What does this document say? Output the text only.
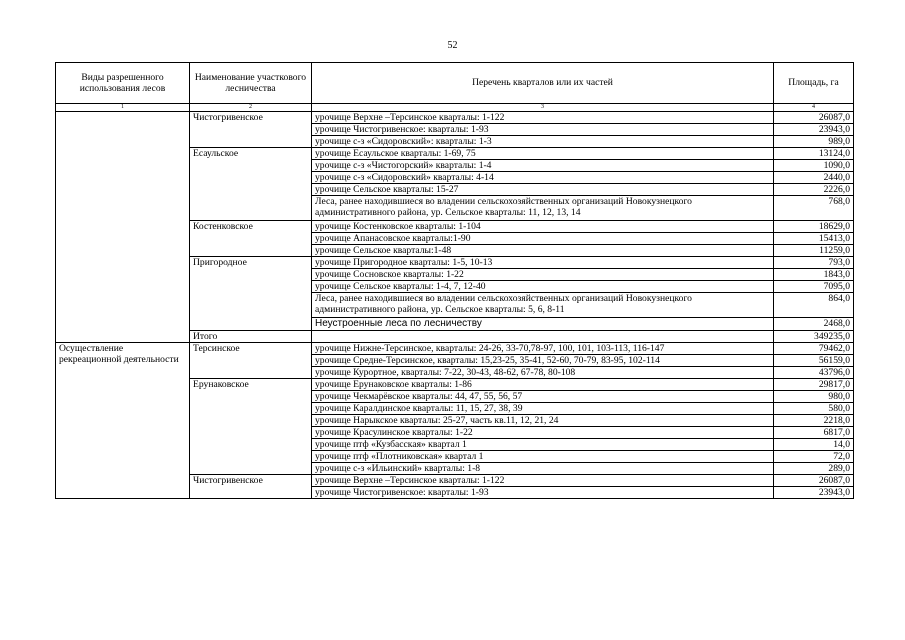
52
Виды разрешенного использования лесов	Наименование участкового лесничества	Перечень кварталов или их частей	Площадь, га
1	2	3	4
	Чистогривенское	урочище Верхне –Терсинское кварталы: 1-122	26087,0
		урочище Чистогривенское: кварталы: 1-93	23943,0
		урочище с-з «Сидоровский»: кварталы: 1-3	989,0
	Есаульское	урочище Есаульское кварталы: 1-69, 75	13124,0
		урочище с-з «Чистогорский» кварталы: 1-4	1090,0
		урочище с-з «Сидоровский» кварталы: 4-14	2440,0
		урочище Сельское кварталы: 15-27	2226,0
		Леса, ранее находившиеся во владении сельскохозяйственных организаций Новокузнецкого административного района, ур. Сельское кварталы: 11, 12, 13, 14	768,0
	Костенковское	урочище Костенковское кварталы: 1-104	18629,0
		урочище Апанасовское кварталы:1-90	15413,0
		урочище Сельское кварталы:1-48	11259,0
	Пригородное	урочище Пригородное кварталы: 1-5, 10-13	793,0
		урочище Сосновское кварталы: 1-22	1843,0
		урочище Сельское кварталы: 1-4, 7, 12-40	7095,0
		Леса, ранее находившиеся во владении сельскохозяйственных организаций Новокузнецкого административного района, ур. Сельское кварталы: 5, 6, 8-11	864,0
		Неустроенные леса по лесничеству	2468,0
	Итого		349235,0
Осуществление рекреационной деятельности	Терсинское	урочище Нижне-Терсинское, кварталы: 24-26, 33-70,78-97, 100, 101, 103-113, 116-147	79462,0
		урочище Средне-Терсинское, кварталы: 15,23-25, 35-41, 52-60, 70-79, 83-95, 102-114	56159,0
		урочище Курортное, кварталы: 7-22, 30-43, 48-62, 67-78, 80-108	43796,0
	Ерунаковское	урочище Ерунаковское кварталы: 1-86	29817,0
		урочище Чекмарёвское кварталы: 44, 47, 55, 56, 57	980,0
		урочище Каралдинское кварталы: 11, 15, 27, 38, 39	580,0
		урочище Нарыкское кварталы: 25-27, часть кв.11, 12, 21, 24	2218,0
		урочище Красулинское кварталы: 1-22	6817,0
		урочище птф «Кузбасская» квартал 1	14,0
		урочище птф «Плотниковская» квартал 1	72,0
		урочище с-з «Ильинский» кварталы: 1-8	289,0
	Чистогривенское	урочище Верхне –Терсинское кварталы: 1-122	26087,0
		урочище Чистогривенское: кварталы: 1-93	23943,0
